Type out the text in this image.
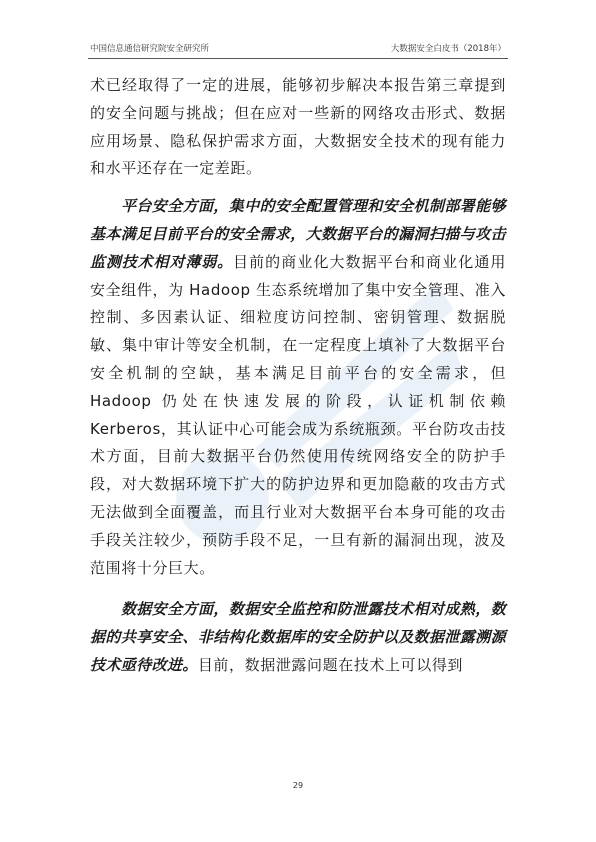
中国信息通信研究院安全研究所	大数据安全白皮书（2018年）

术已经取得了一定的进展，能够初步解决本报告第三章提到的安全问题与挑战；但在应对一些新的网络攻击形式、数据应用场景、隐私保护需求方面，大数据安全技术的现有能力和水平还存在一定差距。

平台安全方面，集中的安全配置管理和安全机制部署能够基本满足目前平台的安全需求，大数据平台的漏洞扫描与攻击监测技术相对薄弱。目前的商业化大数据平台和商业化通用安全组件，为 Hadoop 生态系统增加了集中安全管理、准入控制、多因素认证、细粒度访问控制、密钥管理、数据脱敏、集中审计等安全机制，在一定程度上填补了大数据平台安全机制的空缺，基本满足目前平台的安全需求，但 Hadoop 仍处在快速发展的阶段，认证机制依赖 Kerberos，其认证中心可能会成为系统瓶颈。平台防攻击技术方面，目前大数据平台仍然使用传统网络安全的防护手段，对大数据环境下扩大的防护边界和更加隐蔽的攻击方式无法做到全面覆盖，而且行业对大数据平台本身可能的攻击手段关注较少，预防手段不足，一旦有新的漏洞出现，波及范围将十分巨大。

数据安全方面，数据安全监控和防泄露技术相对成熟，数据的共享安全、非结构化数据库的安全防护以及数据泄露溯源技术亟待改进。目前，数据泄露问题在技术上可以得到

29
